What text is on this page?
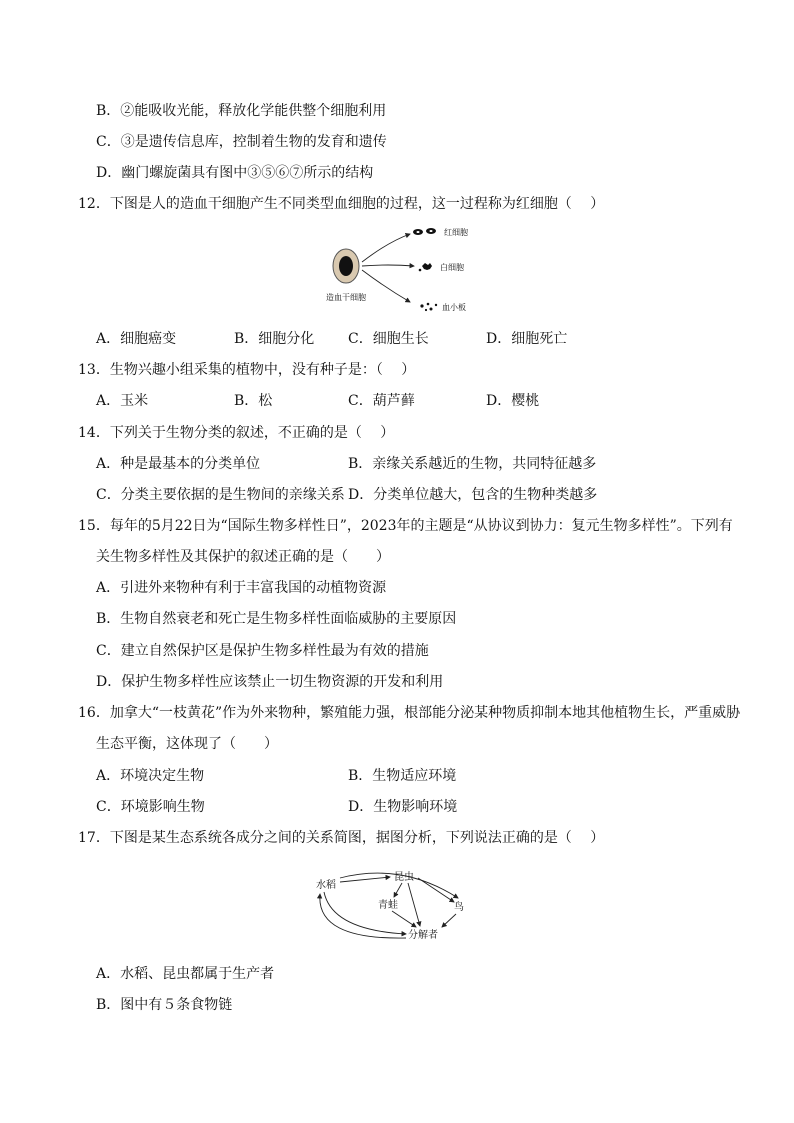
B．②能吸收光能，释放化学能供整个细胞利用
C．③是遗传信息库，控制着生物的发育和遗传
D．幽门螺旋菌具有图中③⑤⑥⑦所示的结构
12．下图是人的造血干细胞产生不同类型血细胞的过程，这一过程称为红细胞（　 ）
造血干细胞
红细胞
白细胞
血小板
A．细胞癌变	B．细胞分化 C．细胞生长	D．细胞死亡
13．生物兴趣小组采集的植物中，没有种子是：（　 ）
A．玉米	B．松	C．葫芦藓	D．樱桃
14．下列关于生物分类的叙述，不正确的是（　 ）
A．种是最基本的分类单位	B．亲缘关系越近的生物，共同特征越多
C．分类主要依据的是生物间的亲缘关系 D．分类单位越大，包含的生物种类越多
15．每年的5月22日为“国际生物多样性日”，2023年的主题是“从协议到协力：复元生物多样性”。下列有
关生物多样性及其保护的叙述正确的是（　　）
A．引进外来物种有利于丰富我国的动植物资源
B．生物自然衰老和死亡是生物多样性面临威胁的主要原因
C．建立自然保护区是保护生物多样性最为有效的措施
D．保护生物多样性应该禁止一切生物资源的开发和利用
16．加拿大“一枝黄花”作为外来物种，繁殖能力强，根部能分泌某种物质抑制本地其他植物生长，严重威胁
生态平衡，这体现了（　　）
A．环境决定生物	B．生物适应环境
C．环境影响生物	D．生物影响环境
17．下图是某生态系统各成分之间的关系简图，据图分析，下列说法正确的是（　 ）
水稻
昆虫
青蛙	鸟
分解者
A．水稻、昆虫都属于生产者
B．图中有５条食物链
